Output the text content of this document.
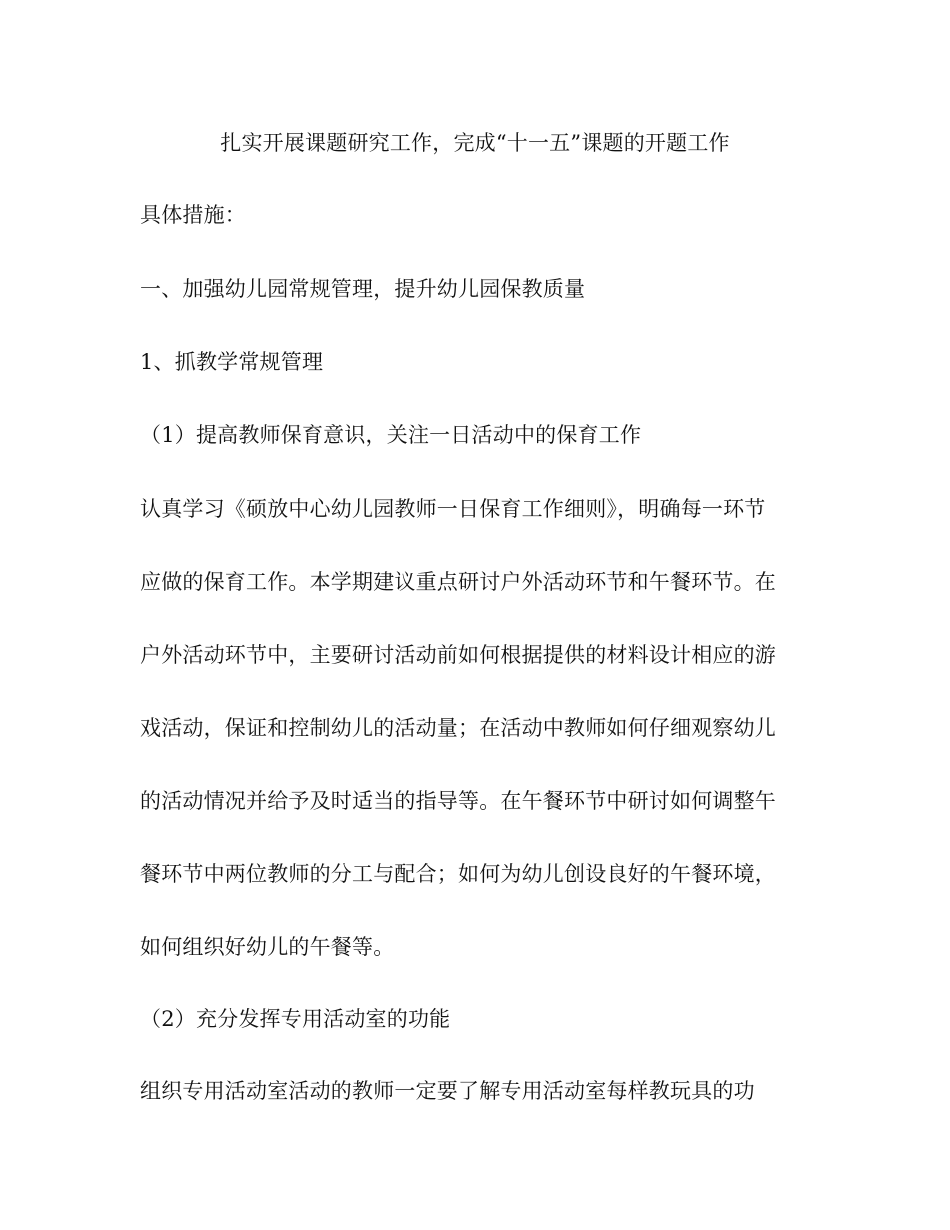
扎实开展课题研究工作，完成“十一五”课题的开题工作
具体措施：
一、加强幼儿园常规管理，提升幼儿园保教质量
1、抓教学常规管理
（1）提高教师保育意识，关注一日活动中的保育工作
认真学习《硕放中心幼儿园教师一日保育工作细则》，明确每一环节
应做的保育工作。本学期建议重点研讨户外活动环节和午餐环节。在
户外活动环节中，主要研讨活动前如何根据提供的材料设计相应的游
戏活动，保证和控制幼儿的活动量；在活动中教师如何仔细观察幼儿
的活动情况并给予及时适当的指导等。在午餐环节中研讨如何调整午
餐环节中两位教师的分工与配合；如何为幼儿创设良好的午餐环境，
如何组织好幼儿的午餐等。
（2）充分发挥专用活动室的功能
组织专用活动室活动的教师一定要了解专用活动室每样教玩具的功
